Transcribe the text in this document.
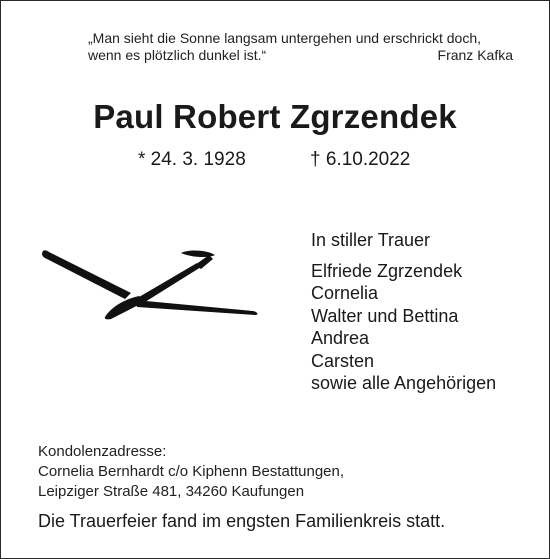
„Man sieht die Sonne langsam untergehen und erschrickt doch,
wenn es plötzlich dunkel ist.“	Franz Kafka
Paul Robert Zgrzendek
* 24. 3. 1928	† 6.10.2022
In stiller Trauer
Elfriede Zgrzendek
Cornelia
Walter und Bettina
Andrea
Carsten
sowie alle Angehörigen
Kondolenzadresse:
Cornelia Bernhardt c/o Kiphenn Bestattungen,
Leipziger Straße 481, 34260 Kaufungen
Die Trauerfeier fand im engsten Familienkreis statt.
